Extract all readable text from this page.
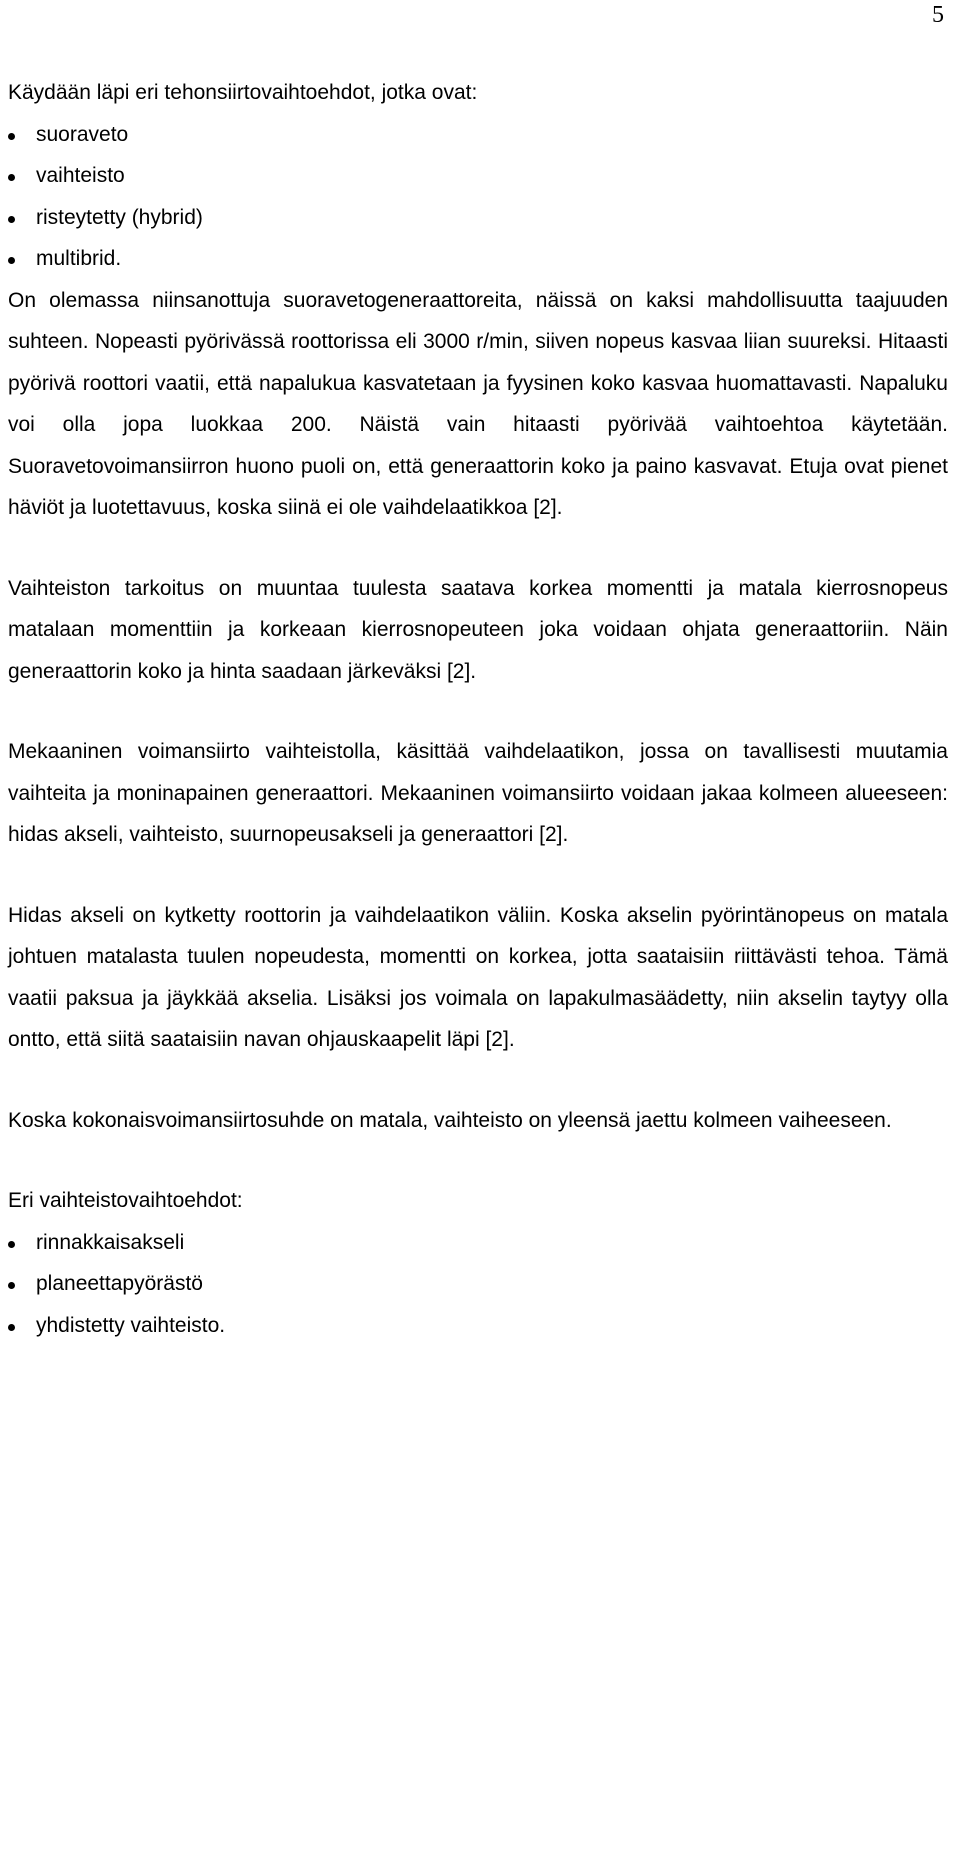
5

Käydään läpi eri tehonsiirtovaihtoehdot, jotka ovat:

suoraveto
vaihteisto
risteytetty (hybrid)
multibrid.

On olemassa niinsanottuja suoravetogeneraattoreita, näissä on kaksi mahdollisuutta taajuuden suhteen. Nopeasti pyörivässä roottorissa eli 3000 r/min, siiven nopeus kasvaa liian suureksi. Hitaasti pyörivä roottori vaatii, että napalukua kasvatetaan ja fyysinen koko kasvaa huomattavasti. Napaluku voi olla jopa luokkaa 200. Näistä vain hitaasti pyörivää vaihtoehtoa käytetään. Suoravetovoimansiirron huono puoli on, että generaattorin koko ja paino kasvavat. Etuja ovat pienet häviöt ja luotettavuus, koska siinä ei ole vaihdelaatikkoa [2].

Vaihteiston tarkoitus on muuntaa tuulesta saatava korkea momentti ja matala kierrosnopeus matalaan momenttiin ja korkeaan kierrosnopeuteen joka voidaan ohjata generaattoriin. Näin generaattorin koko ja hinta saadaan järkeväksi [2].

Mekaaninen voimansiirto vaihteistolla, käsittää vaihdelaatikon, jossa on tavallisesti muutamia vaihteita ja moninapainen generaattori. Mekaaninen voimansiirto voidaan jakaa kolmeen alueeseen: hidas akseli, vaihteisto, suurnopeusakseli ja generaattori [2].

Hidas akseli on kytketty roottorin ja vaihdelaatikon väliin. Koska akselin pyörintänopeus on matala johtuen matalasta tuulen nopeudesta, momentti on korkea, jotta saataisiin riittävästi tehoa. Tämä vaatii paksua ja jäykkää akselia. Lisäksi jos voimala on lapakulmasäädetty, niin akselin taytyy olla ontto, että siitä saataisiin navan ohjauskaapelit läpi [2].

Koska kokonaisvoimansiirtosuhde on matala, vaihteisto on yleensä jaettu kolmeen vaiheeseen.

Eri vaihteistovaihtoehdot:

rinnakkaisakseli
planeettapyörästö
yhdistetty vaihteisto.
